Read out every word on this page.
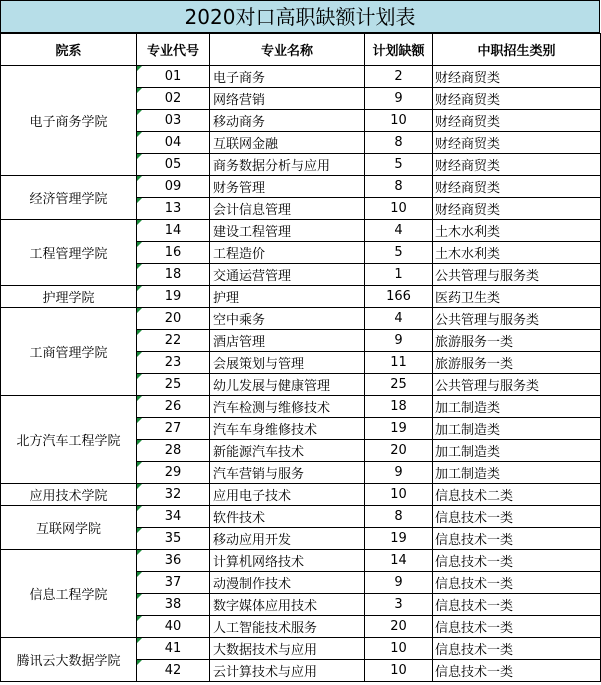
2020对口高职缺额计划表
院系	专业代号	专业名称	计划缺额	中职招生类别
电子商务学院	01	电子商务	2	财经商贸类

02	网络营销	9	财经商贸类

03	移动商务	10	财经商贸类

04	互联网金融	8	财经商贸类

05	商务数据分析与应用	5	财经商贸类
经济管理学院	09	财务管理	8	财经商贸类

13	会计信息管理	10	财经商贸类
工程管理学院	14	建设工程管理	4	土木水利类

16	工程造价	5	土木水利类

18	交通运营管理	1	公共管理与服务类
护理学院	19	护理	166	医药卫生类
工商管理学院	20	空中乘务	4	公共管理与服务类

22	酒店管理	9	旅游服务一类

23	会展策划与管理	11	旅游服务一类

25	幼儿发展与健康管理	25	公共管理与服务类
北方汽车工程学院	26	汽车检测与维修技术	18	加工制造类

27	汽车车身维修技术	19	加工制造类

28	新能源汽车技术	20	加工制造类

29	汽车营销与服务	9	加工制造类
应用技术学院	32	应用电子技术	10	信息技术二类
互联网学院	34	软件技术	8	信息技术一类

35	移动应用开发	19	信息技术一类
信息工程学院	36	计算机网络技术	14	信息技术一类

37	动漫制作技术	9	信息技术一类

38	数字媒体应用技术	3	信息技术一类

40	人工智能技术服务	20	信息技术一类
腾讯云大数据学院	41	大数据技术与应用	10	信息技术一类

42	云计算技术与应用	10	信息技术一类
